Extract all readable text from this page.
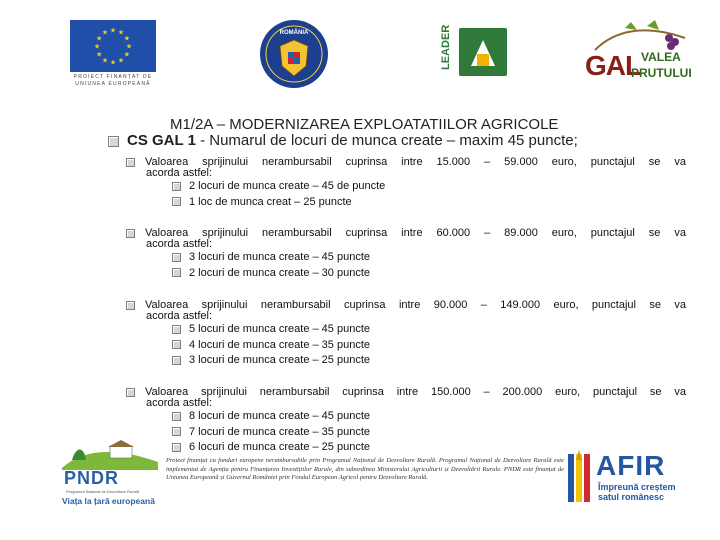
★ ★
★
★
★
★
★
★
★
★
★
★
PROIECT FINANȚAT DE
UNIUNEA EUROPEANĂ
ROMÂNIA	LEADER	GAL VALEA
PRUTULUI
M1/2A – MODERNIZAREA EXPLOATATIILOR AGRICOLE
CS GAL 1 - Numarul de locuri de munca create – maxim 45 puncte;
Valoarea sprijinului nerambursabil cuprinsa intre 15.000 – 59.000 euro, punctajul se va
acorda astfel:
2 locuri de munca create – 45 de puncte
1 loc de munca creat – 25 puncte
Valoarea sprijinului nerambursabil cuprinsa intre 60.000 – 89.000 euro, punctajul se va
acorda astfel:
3 locuri de munca create – 45 puncte
2 locuri de munca create – 30 puncte
Valoarea sprijinului nerambursabil cuprinsa intre 90.000 – 149.000 euro, punctajul se va
acorda astfel:
5 locuri de munca create – 45 puncte
4 locuri de munca create – 35 puncte
3 locuri de munca create – 25 puncte
Valoarea sprijinului nerambursabil cuprinsa intre 150.000 – 200.000 euro, punctajul se va
acorda astfel:
8 locuri de munca create – 45 puncte
7 locuri de munca create – 35 puncte
6 locuri de munca create – 25 puncte
PNDR
Programul Național de Dezvoltare Rurală
Viața la țară europeană
Proiect finanțat cu fonduri europene nerambursabile prin Programul Național de Dezvoltare Rurală. Programul Național de Dezvoltare Rurală este implementat de Agenția pentru Finanțarea Investițiilor Rurale, din subordinea Ministerului Agriculturii și Dezvoltării Rurale. PNDR este finanțat de Uniunea Europeană și Guvernul României prin Fondul European Agricol pentru Dezvoltare Rurală.	AFIR
Împreună creștem
satul românesc
